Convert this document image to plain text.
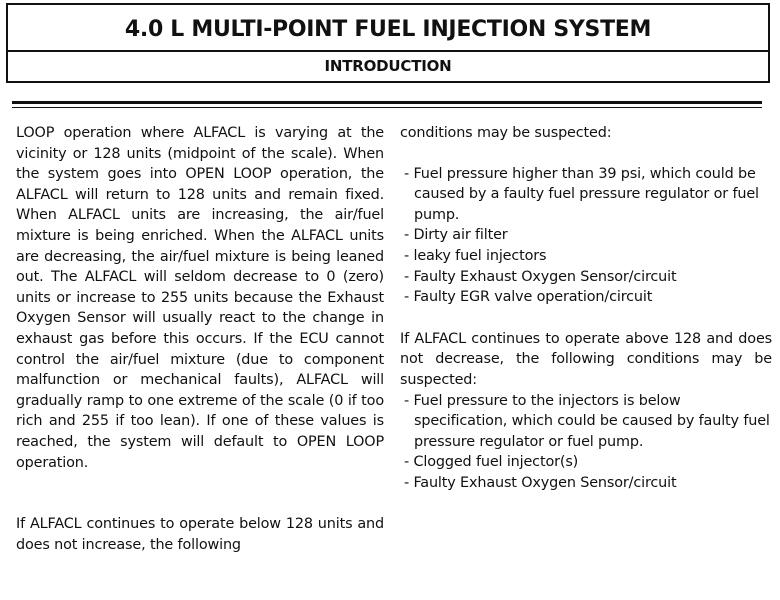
4.0 L MULTI-POINT FUEL INJECTION SYSTEM
INTRODUCTION

LOOP operation where ALFACL is varying at the vicinity or 128 units (midpoint of the scale). When the system goes into OPEN LOOP operation, the ALFACL will return to 128 units and remain fixed. When ALFACL units are increasing, the air/fuel mixture is being enriched. When the ALFACL units are decreasing, the air/fuel mixture is being leaned out. The ALFACL will seldom decrease to 0 (zero) units or increase to 255 units because the Exhaust Oxygen Sensor will usually react to the change in exhaust gas before this occurs. If the ECU cannot control the air/fuel mixture (due to component malfunction or mechanical faults), ALFACL will gradually ramp to one extreme of the scale (0 if too rich and 255 if too lean). If one of these values is reached, the system will default to OPEN LOOP operation.

If ALFACL continues to operate below 128 units and does not increase, the following

conditions may be suspected:

- Fuel pressure higher than 39 psi, which could be caused by a faulty fuel pressure regulator or fuel pump.
- Dirty air filter
- leaky fuel injectors
- Faulty Exhaust Oxygen Sensor/circuit
- Faulty EGR valve operation/circuit

If ALFACL continues to operate above 128 and does not decrease, the following conditions may be suspected:

- Fuel pressure to the injectors is below specification, which could be caused by faulty fuel pressure regulator or fuel pump.
- Clogged fuel injector(s)
- Faulty Exhaust Oxygen Sensor/circuit
